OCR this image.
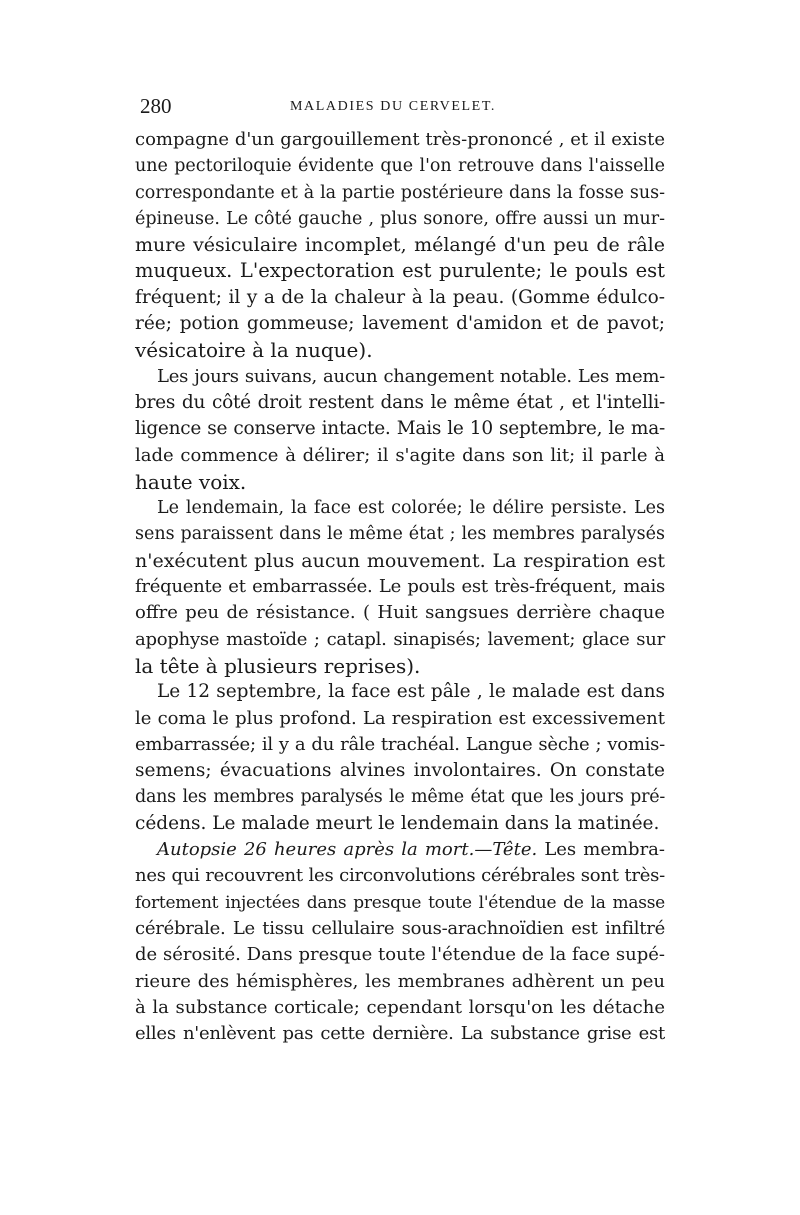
280	MALADIES DU CERVELET.
compagne d'un gargouillement très-prononcé , et il existe
une pectoriloquie évidente que l'on retrouve dans l'aisselle
correspondante et à la partie postérieure dans la fosse sus-
épineuse. Le côté gauche , plus sonore, offre aussi un mur-
mure vésiculaire incomplet, mélangé d'un peu de râle
muqueux. L'expectoration est purulente; le pouls est
fréquent; il y a de la chaleur à la peau. (Gomme édulco-
rée; potion gommeuse; lavement d'amidon et de pavot;
vésicatoire à la nuque).
Les jours suivans, aucun changement notable. Les mem-
bres du côté droit restent dans le même état , et l'intelli-
ligence se conserve intacte. Mais le 10 septembre, le ma-
lade commence à délirer; il s'agite dans son lit; il parle à
haute voix.
Le lendemain, la face est colorée; le délire persiste. Les
sens paraissent dans le même état ; les membres paralysés
n'exécutent plus aucun mouvement. La respiration est
fréquente et embarrassée. Le pouls est très-fréquent, mais
offre peu de résistance. ( Huit sangsues derrière chaque
apophyse mastoïde ; catapl. sinapisés; lavement; glace sur
la tête à plusieurs reprises).
Le 12 septembre, la face est pâle , le malade est dans
le coma le plus profond. La respiration est excessivement
embarrassée; il y a du râle trachéal. Langue sèche ; vomis-
semens; évacuations alvines involontaires. On constate
dans les membres paralysés le même état que les jours pré-
cédens. Le malade meurt le lendemain dans la matinée.
Autopsie 26 heures après la mort.—Tête. Les membra-
nes qui recouvrent les circonvolutions cérébrales sont très-
fortement injectées dans presque toute l'étendue de la masse
cérébrale. Le tissu cellulaire sous-arachnoïdien est infiltré
de sérosité. Dans presque toute l'étendue de la face supé-
rieure des hémisphères, les membranes adhèrent un peu
à la substance corticale; cependant lorsqu'on les détache
elles n'enlèvent pas cette dernière. La substance grise est
